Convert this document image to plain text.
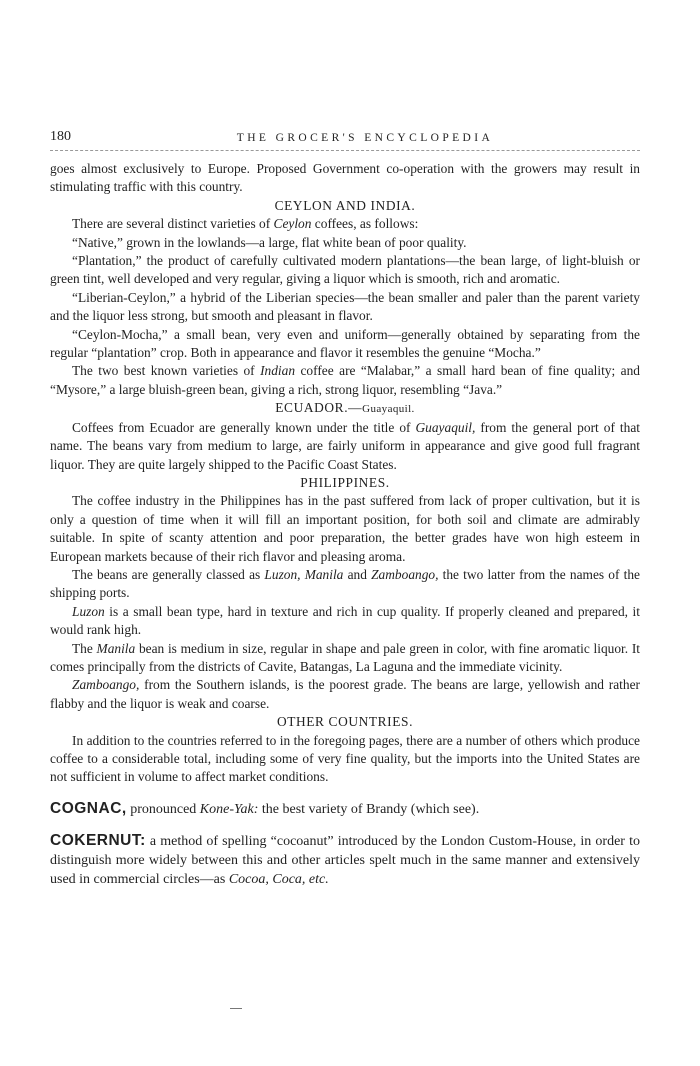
180	THE GROCER'S ENCYCLOPEDIA

goes almost exclusively to Europe. Proposed Government co-operation with the growers may result in stimulating traffic with this country.

CEYLON AND INDIA.

There are several distinct varieties of Ceylon coffees, as follows:

“Native,” grown in the lowlands—a large, flat white bean of poor quality.

“Plantation,” the product of carefully cultivated modern plantations—the bean large, of light-bluish or green tint, well developed and very regular, giving a liquor which is smooth, rich and aromatic.

“Liberian-Ceylon,” a hybrid of the Liberian species—the bean smaller and paler than the parent variety and the liquor less strong, but smooth and pleasant in flavor.

“Ceylon-Mocha,” a small bean, very even and uniform—generally obtained by separating from the regular “plantation” crop. Both in appearance and flavor it resembles the genuine “Mocha.”

The two best known varieties of Indian coffee are “Malabar,” a small hard bean of fine quality; and “Mysore,” a large bluish-green bean, giving a rich, strong liquor, resembling “Java.”

ECUADOR.—Guayaquil.

Coffees from Ecuador are generally known under the title of Guayaquil, from the general port of that name. The beans vary from medium to large, are fairly uniform in appearance and give good full fragrant liquor. They are quite largely shipped to the Pacific Coast States.

PHILIPPINES.

The coffee industry in the Philippines has in the past suffered from lack of proper cultivation, but it is only a question of time when it will fill an important position, for both soil and climate are admirably suitable. In spite of scanty attention and poor preparation, the better grades have won high esteem in European markets because of their rich flavor and pleasing aroma.

The beans are generally classed as Luzon, Manila and Zamboango, the two latter from the names of the shipping ports.

Luzon is a small bean type, hard in texture and rich in cup quality. If properly cleaned and prepared, it would rank high.

The Manila bean is medium in size, regular in shape and pale green in color, with fine aromatic liquor. It comes principally from the districts of Cavite, Batangas, La Laguna and the immediate vicinity.

Zamboango, from the Southern islands, is the poorest grade. The beans are large, yellowish and rather flabby and the liquor is weak and coarse.

OTHER COUNTRIES.

In addition to the countries referred to in the foregoing pages, there are a number of others which produce coffee to a considerable total, including some of very fine quality, but the imports into the United States are not sufficient in volume to affect market conditions.

COGNAC, pronounced Kone-Yak: the best variety of Brandy (which see).

COKERNUT: a method of spelling “cocoanut” introduced by the London Custom-House, in order to distinguish more widely between this and other articles spelt much in the same manner and extensively used in commercial circles—as Cocoa, Coca, etc.
